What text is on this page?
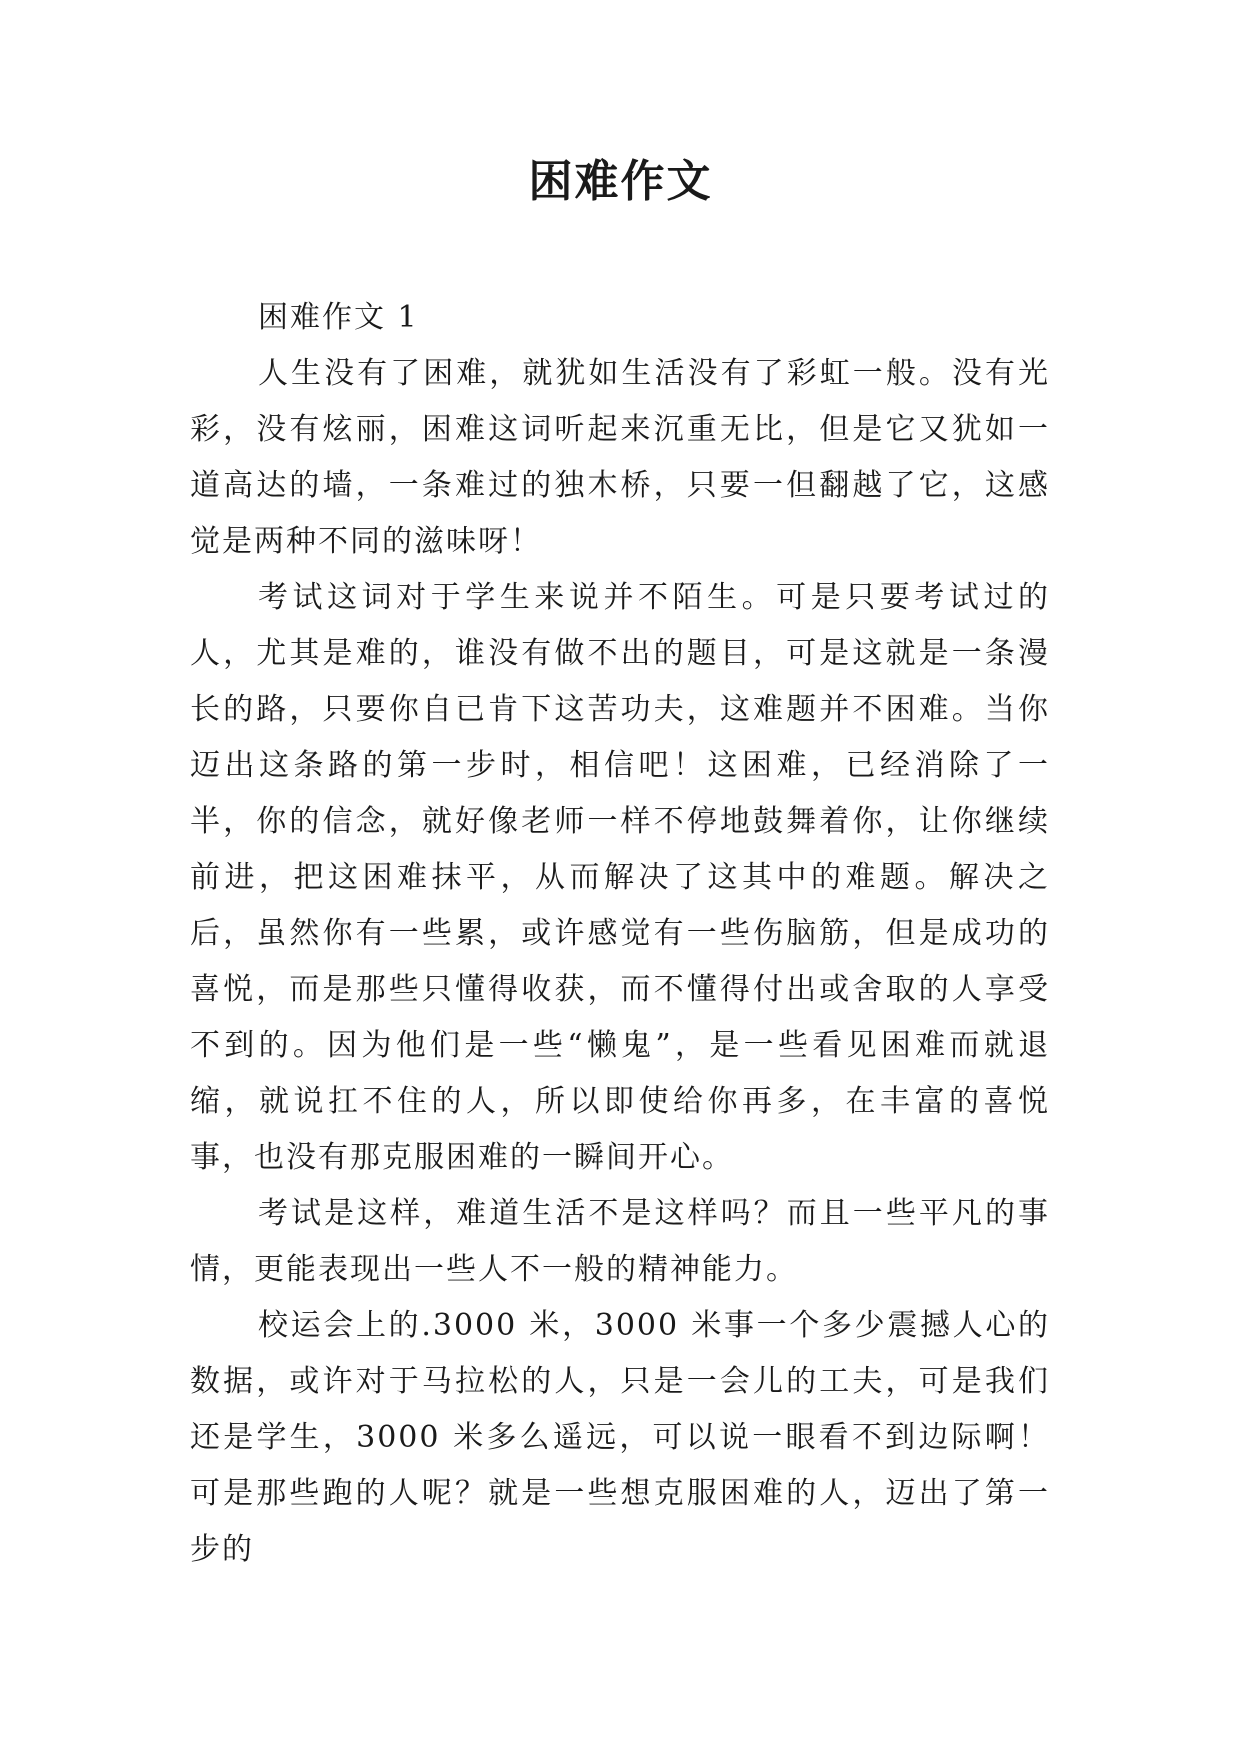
困难作文

困难作文 1

人生没有了困难，就犹如生活没有了彩虹一般。没有光彩，没有炫丽，困难这词听起来沉重无比，但是它又犹如一道高达的墙，一条难过的独木桥，只要一但翻越了它，这感觉是两种不同的滋味呀！

考试这词对于学生来说并不陌生。可是只要考试过的人，尤其是难的，谁没有做不出的题目，可是这就是一条漫长的路，只要你自已肯下这苦功夫，这难题并不困难。当你迈出这条路的第一步时，相信吧！这困难，已经消除了一半，你的信念，就好像老师一样不停地鼓舞着你，让你继续前进，把这困难抹平，从而解决了这其中的难题。解决之后，虽然你有一些累，或许感觉有一些伤脑筋，但是成功的喜悦，而是那些只懂得收获，而不懂得付出或舍取的人享受不到的。因为他们是一些“懒鬼”，是一些看见困难而就退缩，就说扛不住的人，所以即使给你再多，在丰富的喜悦事，也没有那克服困难的一瞬间开心。

考试是这样，难道生活不是这样吗？而且一些平凡的事情，更能表现出一些人不一般的精神能力。

校运会上的.3000 米，3000 米事一个多少震撼人心的数据，或许对于马拉松的人，只是一会儿的工夫，可是我们还是学生，3000 米多么遥远，可以说一眼看不到边际啊！可是那些跑的人呢？就是一些想克服困难的人，迈出了第一步的
